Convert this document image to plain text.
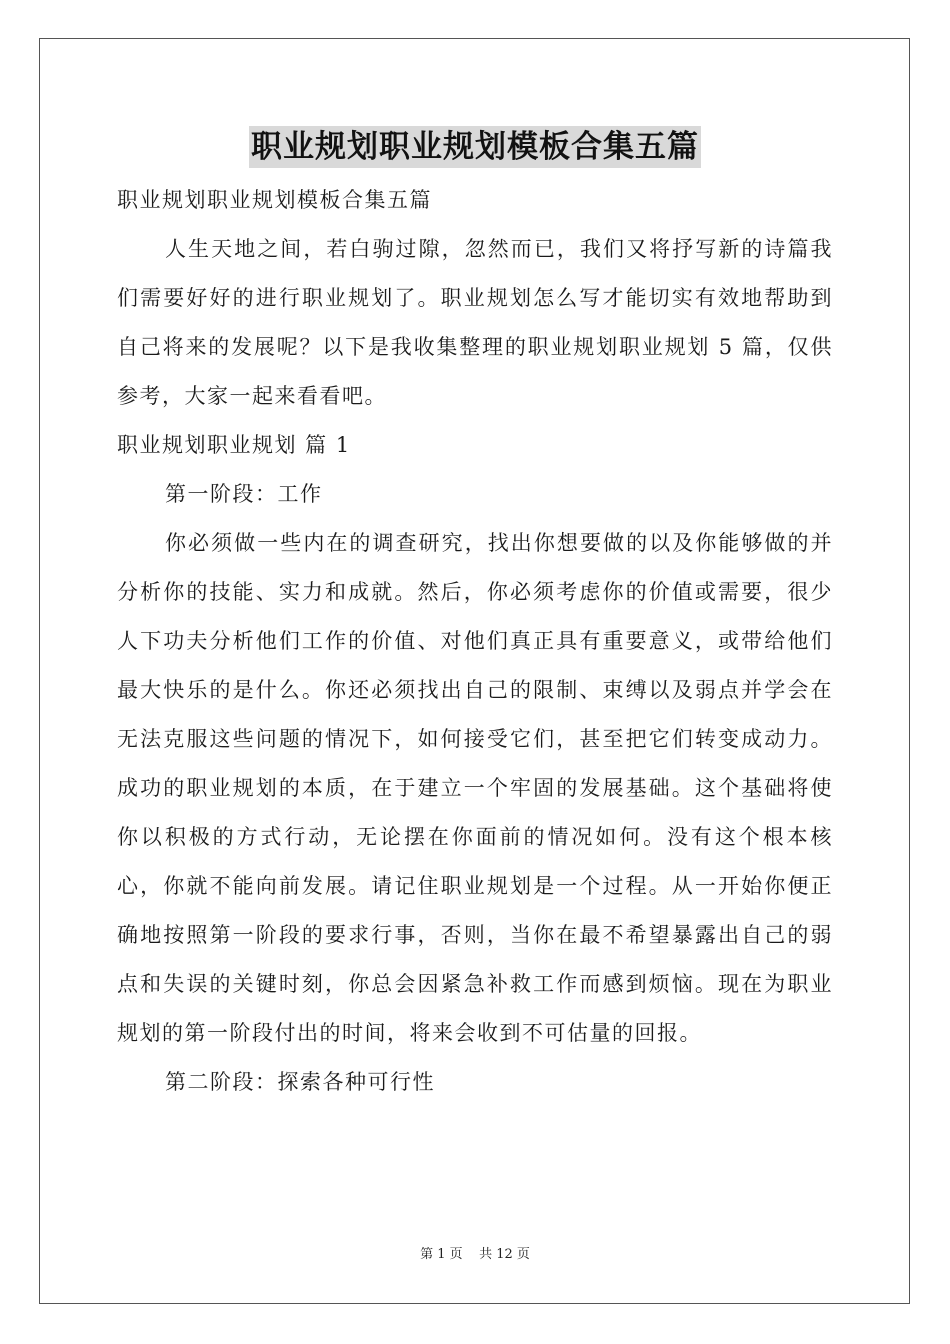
职业规划职业规划模板合集五篇

职业规划职业规划模板合集五篇

人生天地之间，若白驹过隙，忽然而已，我们又将抒写新的诗篇我们需要好好的进行职业规划了。职业规划怎么写才能切实有效地帮助到自己将来的发展呢？以下是我收集整理的职业规划职业规划 5 篇，仅供参考，大家一起来看看吧。

职业规划职业规划 篇 1

第一阶段：工作

你必须做一些内在的调查研究，找出你想要做的以及你能够做的并分析你的技能、实力和成就。然后，你必须考虑你的价值或需要，很少人下功夫分析他们工作的价值、对他们真正具有重要意义，或带给他们最大快乐的是什么。你还必须找出自己的限制、束缚以及弱点并学会在无法克服这些问题的情况下，如何接受它们，甚至把它们转变成动力。成功的职业规划的本质，在于建立一个牢固的发展基础。这个基础将使你以积极的方式行动，无论摆在你面前的情况如何。没有这个根本核心，你就不能向前发展。请记住职业规划是一个过程。从一开始你便正确地按照第一阶段的要求行事，否则，当你在最不希望暴露出自己的弱点和失误的关键时刻，你总会因紧急补救工作而感到烦恼。现在为职业规划的第一阶段付出的时间，将来会收到不可估量的回报。

第二阶段：探索各种可行性

第 1 页    共 12 页
